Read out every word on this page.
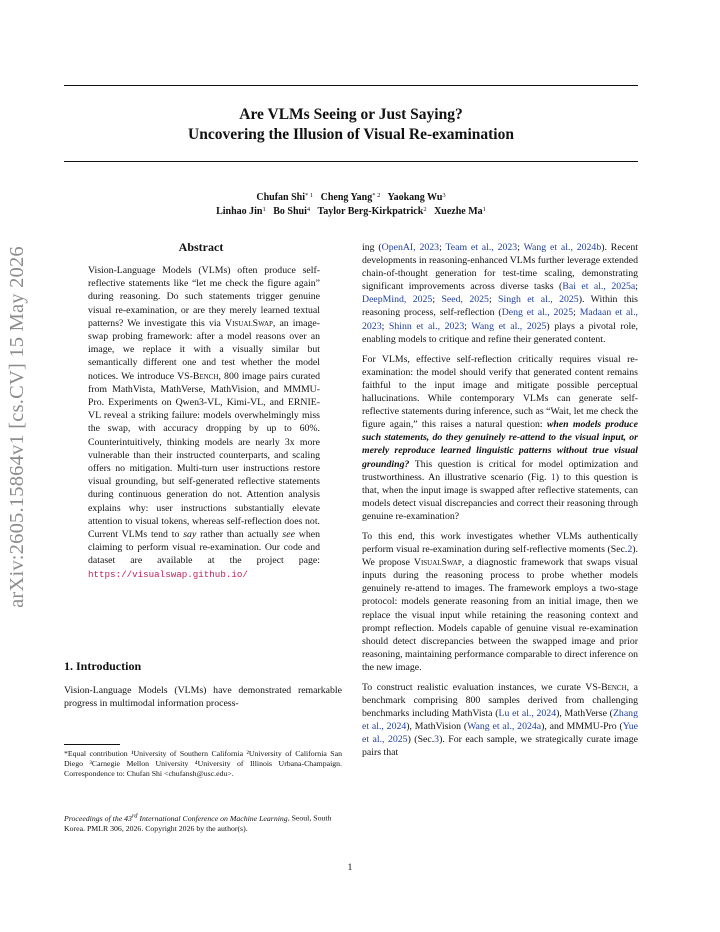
Are VLMs Seeing or Just Saying?
Uncovering the Illusion of Visual Re-examination
Chufan Shi$^{* 1}$ Cheng Yang$^{* 2}$ Yaokang Wu$^3$
Linhao Jin$^1$ Bo Shui$^4$ Taylor Berg-Kirkpatrick$^2$ Xuezhe Ma$^1$
arXiv:2605.15864v1 [cs.CV] 15 May 2026	Abstract
Vision-Language Models (VLMs) often produce self-reflective statements like “let me check the figure again” during reasoning. Do such statements trigger genuine visual re-examination, or are they merely learned textual patterns? We investigate this via VisualSwap, an image-swap probing framework: after a model reasons over an image, we replace it with a visually similar but semantically different one and test whether the model notices. We introduce VS-Bench, 800 image pairs curated from MathVista, MathVerse, MathVision, and MMMU-Pro. Experiments on Qwen3-VL, Kimi-VL, and ERNIE-VL reveal a striking failure: models overwhelmingly miss the swap, with accuracy dropping by up to 60%. Counterintuitively, thinking models are nearly 3x more vulnerable than their instructed counterparts, and scaling offers no mitigation. Multi-turn user instructions restore visual grounding, but self-generated reflective statements during continuous generation do not. Attention analysis explains why: user instructions substantially elevate attention to visual tokens, whereas self-reflection does not. Current VLMs tend to say rather than actually see when claiming to perform visual re-examination. Our code and dataset are available at the project page: https://visualswap.github.io/
1. Introduction
Vision-Language Models (VLMs) have demonstrated remarkable progress in multimodal information process-
*Equal contribution ¹University of Southern California ²University of California San Diego ³Carnegie Mellon University ⁴University of Illinois Urbana-Champaign. Correspondence to: Chufan Shi <chufansh@usc.edu>.
Proceedings of the 43rd International Conference on Machine Learning, Seoul, South Korea. PMLR 306, 2026. Copyright 2026 by the author(s).

ing (OpenAI, 2023; Team et al., 2023; Wang et al., 2024b). Recent developments in reasoning-enhanced VLMs further leverage extended chain-of-thought generation for test-time scaling, demonstrating significant improvements across diverse tasks (Bai et al., 2025a; DeepMind, 2025; Seed, 2025; Singh et al., 2025). Within this reasoning process, self-reflection (Deng et al., 2025; Madaan et al., 2023; Shinn et al., 2023; Wang et al., 2025) plays a pivotal role, enabling models to critique and refine their generated content.

For VLMs, effective self-reflection critically requires visual re-examination: the model should verify that generated content remains faithful to the input image and mitigate possible perceptual hallucinations. While contemporary VLMs can generate self-reflective statements during inference, such as “Wait, let me check the figure again,” this raises a natural question: when models produce such statements, do they genuinely re-attend to the visual input, or merely reproduce learned linguistic patterns without true visual grounding? This question is critical for model optimization and trustworthiness. An illustrative scenario (Fig. 1) to this question is that, when the input image is swapped after reflective statements, can models detect visual discrepancies and correct their reasoning through genuine re-examination?

To this end, this work investigates whether VLMs authentically perform visual re-examination during self-reflective moments (Sec.2). We propose VisualSwap, a diagnostic framework that swaps visual inputs during the reasoning process to probe whether models genuinely re-attend to images. The framework employs a two-stage protocol: models generate reasoning from an initial image, then we replace the visual input while retaining the reasoning context and prompt reflection. Models capable of genuine visual re-examination should detect discrepancies between the swapped image and prior reasoning, maintaining performance comparable to direct inference on the new image.

To construct realistic evaluation instances, we curate VS-Bench, a benchmark comprising 800 samples derived from challenging benchmarks including MathVista (Lu et al., 2024), MathVerse (Zhang et al., 2024), MathVision (Wang et al., 2024a), and MMMU-Pro (Yue et al., 2025) (Sec.3). For each sample, we strategically curate image pairs that

1
